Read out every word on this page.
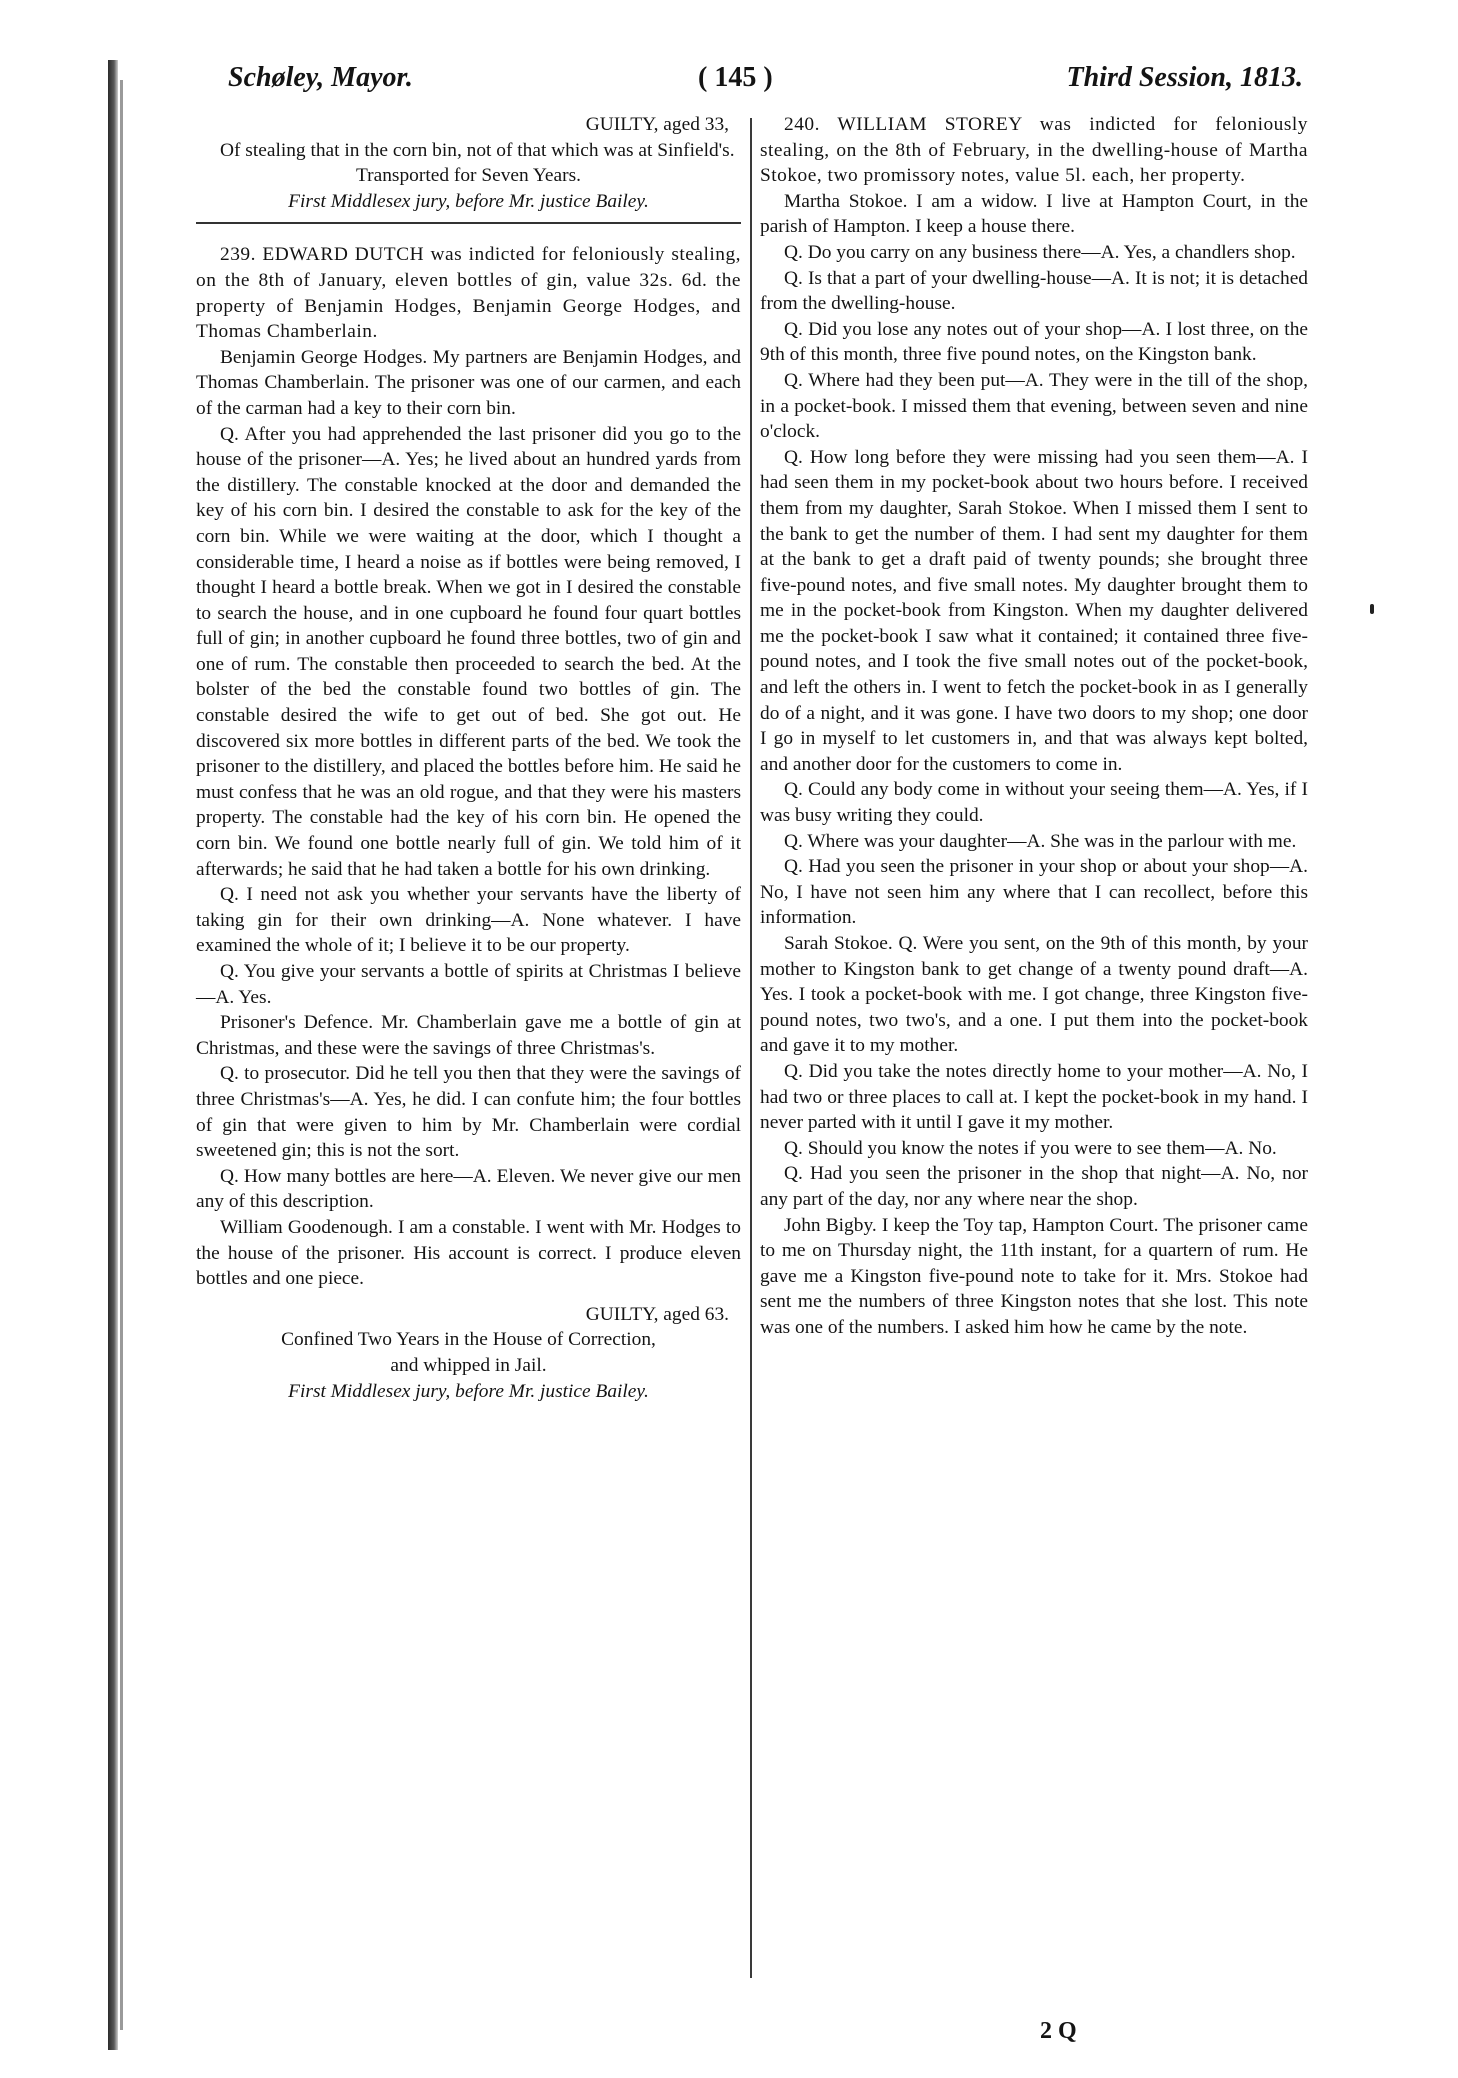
Schøley, Mayor.	( 145 )	Third Session, 1813.

GUILTY, aged 33,

Of stealing that in the corn bin, not of that which was at Sinfield's.

Transported for Seven Years.

First Middlesex jury, before Mr. justice Bailey.

239. EDWARD DUTCH was indicted for feloniously stealing, on the 8th of January, eleven bottles of gin, value 32s. 6d. the property of Benjamin Hodges, Benjamin George Hodges, and Thomas Chamberlain.

Benjamin George Hodges. My partners are Benjamin Hodges, and Thomas Chamberlain. The prisoner was one of our carmen, and each of the carman had a key to their corn bin.

Q. After you had apprehended the last prisoner did you go to the house of the prisoner—A. Yes; he lived about an hundred yards from the distillery. The constable knocked at the door and demanded the key of his corn bin. I desired the constable to ask for the key of the corn bin. While we were waiting at the door, which I thought a considerable time, I heard a noise as if bottles were being removed, I thought I heard a bottle break. When we got in I desired the constable to search the house, and in one cupboard he found four quart bottles full of gin; in another cupboard he found three bottles, two of gin and one of rum. The constable then proceeded to search the bed. At the bolster of the bed the constable found two bottles of gin. The constable desired the wife to get out of bed. She got out. He discovered six more bottles in different parts of the bed. We took the prisoner to the distillery, and placed the bottles before him. He said he must confess that he was an old rogue, and that they were his masters property. The constable had the key of his corn bin. He opened the corn bin. We found one bottle nearly full of gin. We told him of it afterwards; he said that he had taken a bottle for his own drinking.

Q. I need not ask you whether your servants have the liberty of taking gin for their own drinking—A. None whatever. I have examined the whole of it; I believe it to be our property.

Q. You give your servants a bottle of spirits at Christmas I believe—A. Yes.

Prisoner's Defence. Mr. Chamberlain gave me a bottle of gin at Christmas, and these were the savings of three Christmas's.

Q. to prosecutor. Did he tell you then that they were the savings of three Christmas's—A. Yes, he did. I can confute him; the four bottles of gin that were given to him by Mr. Chamberlain were cordial sweetened gin; this is not the sort.

Q. How many bottles are here—A. Eleven. We never give our men any of this description.

William Goodenough. I am a constable. I went with Mr. Hodges to the house of the prisoner. His account is correct. I produce eleven bottles and one piece.

GUILTY, aged 63.

Confined Two Years in the House of Correction,

and whipped in Jail.

First Middlesex jury, before Mr. justice Bailey.

240. WILLIAM STOREY was indicted for feloniously stealing, on the 8th of February, in the dwelling-house of Martha Stokoe, two promissory notes, value 5l. each, her property.

Martha Stokoe. I am a widow. I live at Hampton Court, in the parish of Hampton. I keep a house there.

Q. Do you carry on any business there—A. Yes, a chandlers shop.

Q. Is that a part of your dwelling-house—A. It is not; it is detached from the dwelling-house.

Q. Did you lose any notes out of your shop—A. I lost three, on the 9th of this month, three five pound notes, on the Kingston bank.

Q. Where had they been put—A. They were in the till of the shop, in a pocket-book. I missed them that evening, between seven and nine o'clock.

Q. How long before they were missing had you seen them—A. I had seen them in my pocket-book about two hours before. I received them from my daughter, Sarah Stokoe. When I missed them I sent to the bank to get the number of them. I had sent my daughter for them at the bank to get a draft paid of twenty pounds; she brought three five-pound notes, and five small notes. My daughter brought them to me in the pocket-book from Kingston. When my daughter delivered me the pocket-book I saw what it contained; it contained three five-pound notes, and I took the five small notes out of the pocket-book, and left the others in. I went to fetch the pocket-book in as I generally do of a night, and it was gone. I have two doors to my shop; one door I go in myself to let customers in, and that was always kept bolted, and another door for the customers to come in.

Q. Could any body come in without your seeing them—A. Yes, if I was busy writing they could.

Q. Where was your daughter—A. She was in the parlour with me.

Q. Had you seen the prisoner in your shop or about your shop—A. No, I have not seen him any where that I can recollect, before this information.

Sarah Stokoe. Q. Were you sent, on the 9th of this month, by your mother to Kingston bank to get change of a twenty pound draft—A. Yes. I took a pocket-book with me. I got change, three Kingston five-pound notes, two two's, and a one. I put them into the pocket-book and gave it to my mother.

Q. Did you take the notes directly home to your mother—A. No, I had two or three places to call at. I kept the pocket-book in my hand. I never parted with it until I gave it my mother.

Q. Should you know the notes if you were to see them—A. No.

Q. Had you seen the prisoner in the shop that night—A. No, nor any part of the day, nor any where near the shop.

John Bigby. I keep the Toy tap, Hampton Court. The prisoner came to me on Thursday night, the 11th instant, for a quartern of rum. He gave me a Kingston five-pound note to take for it. Mrs. Stokoe had sent me the numbers of three Kingston notes that she lost. This note was one of the numbers. I asked him how he came by the note.

2 Q
